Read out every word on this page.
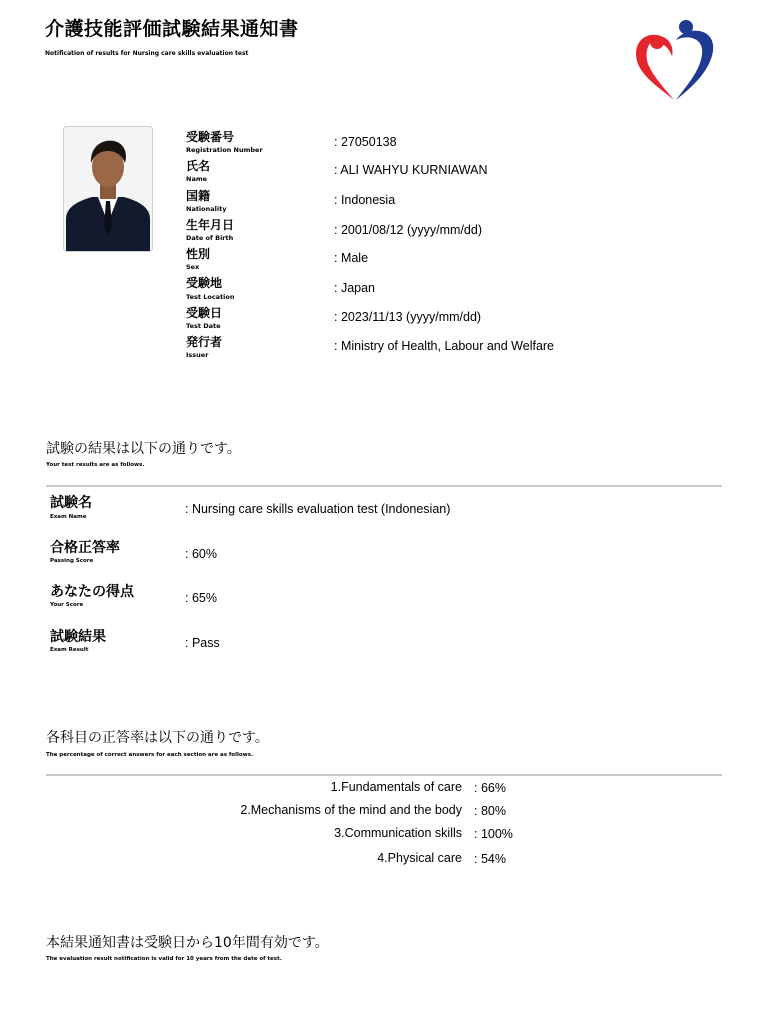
介護技能評価試験結果通知書
Notification of results for Nursing care skills evaluation test
受験番号
Registration Number
: 27050138
氏名
Name
: ALI WAHYU KURNIAWAN
国籍
Nationality
: Indonesia
生年月日
Date of Birth
: 2001/08/12 (yyyy/mm/dd)
性別
Sex
: Male
受験地
Test Location
: Japan
受験日
Test Date
: 2023/11/13 (yyyy/mm/dd)
発行者
Issuer
: Ministry of Health, Labour and Welfare
試験の結果は以下の通りです。
Your test results are as follows.
試験名
Exam Name
: Nursing care skills evaluation test (Indonesian)
合格正答率
Passing Score	: 60%
あなたの得点
Your Score	: 65%
試験結果
Exam Result	: Pass
各科目の正答率は以下の通りです。
The percentage of correct answers for each section are as follows.
1.Fundamentals of care : 66%
2.Mechanisms of the mind and the body : 80%
3.Communication skills : 100%
4.Physical care : 54%
本結果通知書は受験日から10年間有効です。
The evaluation result notification is valid for 10 years from the date of test.
